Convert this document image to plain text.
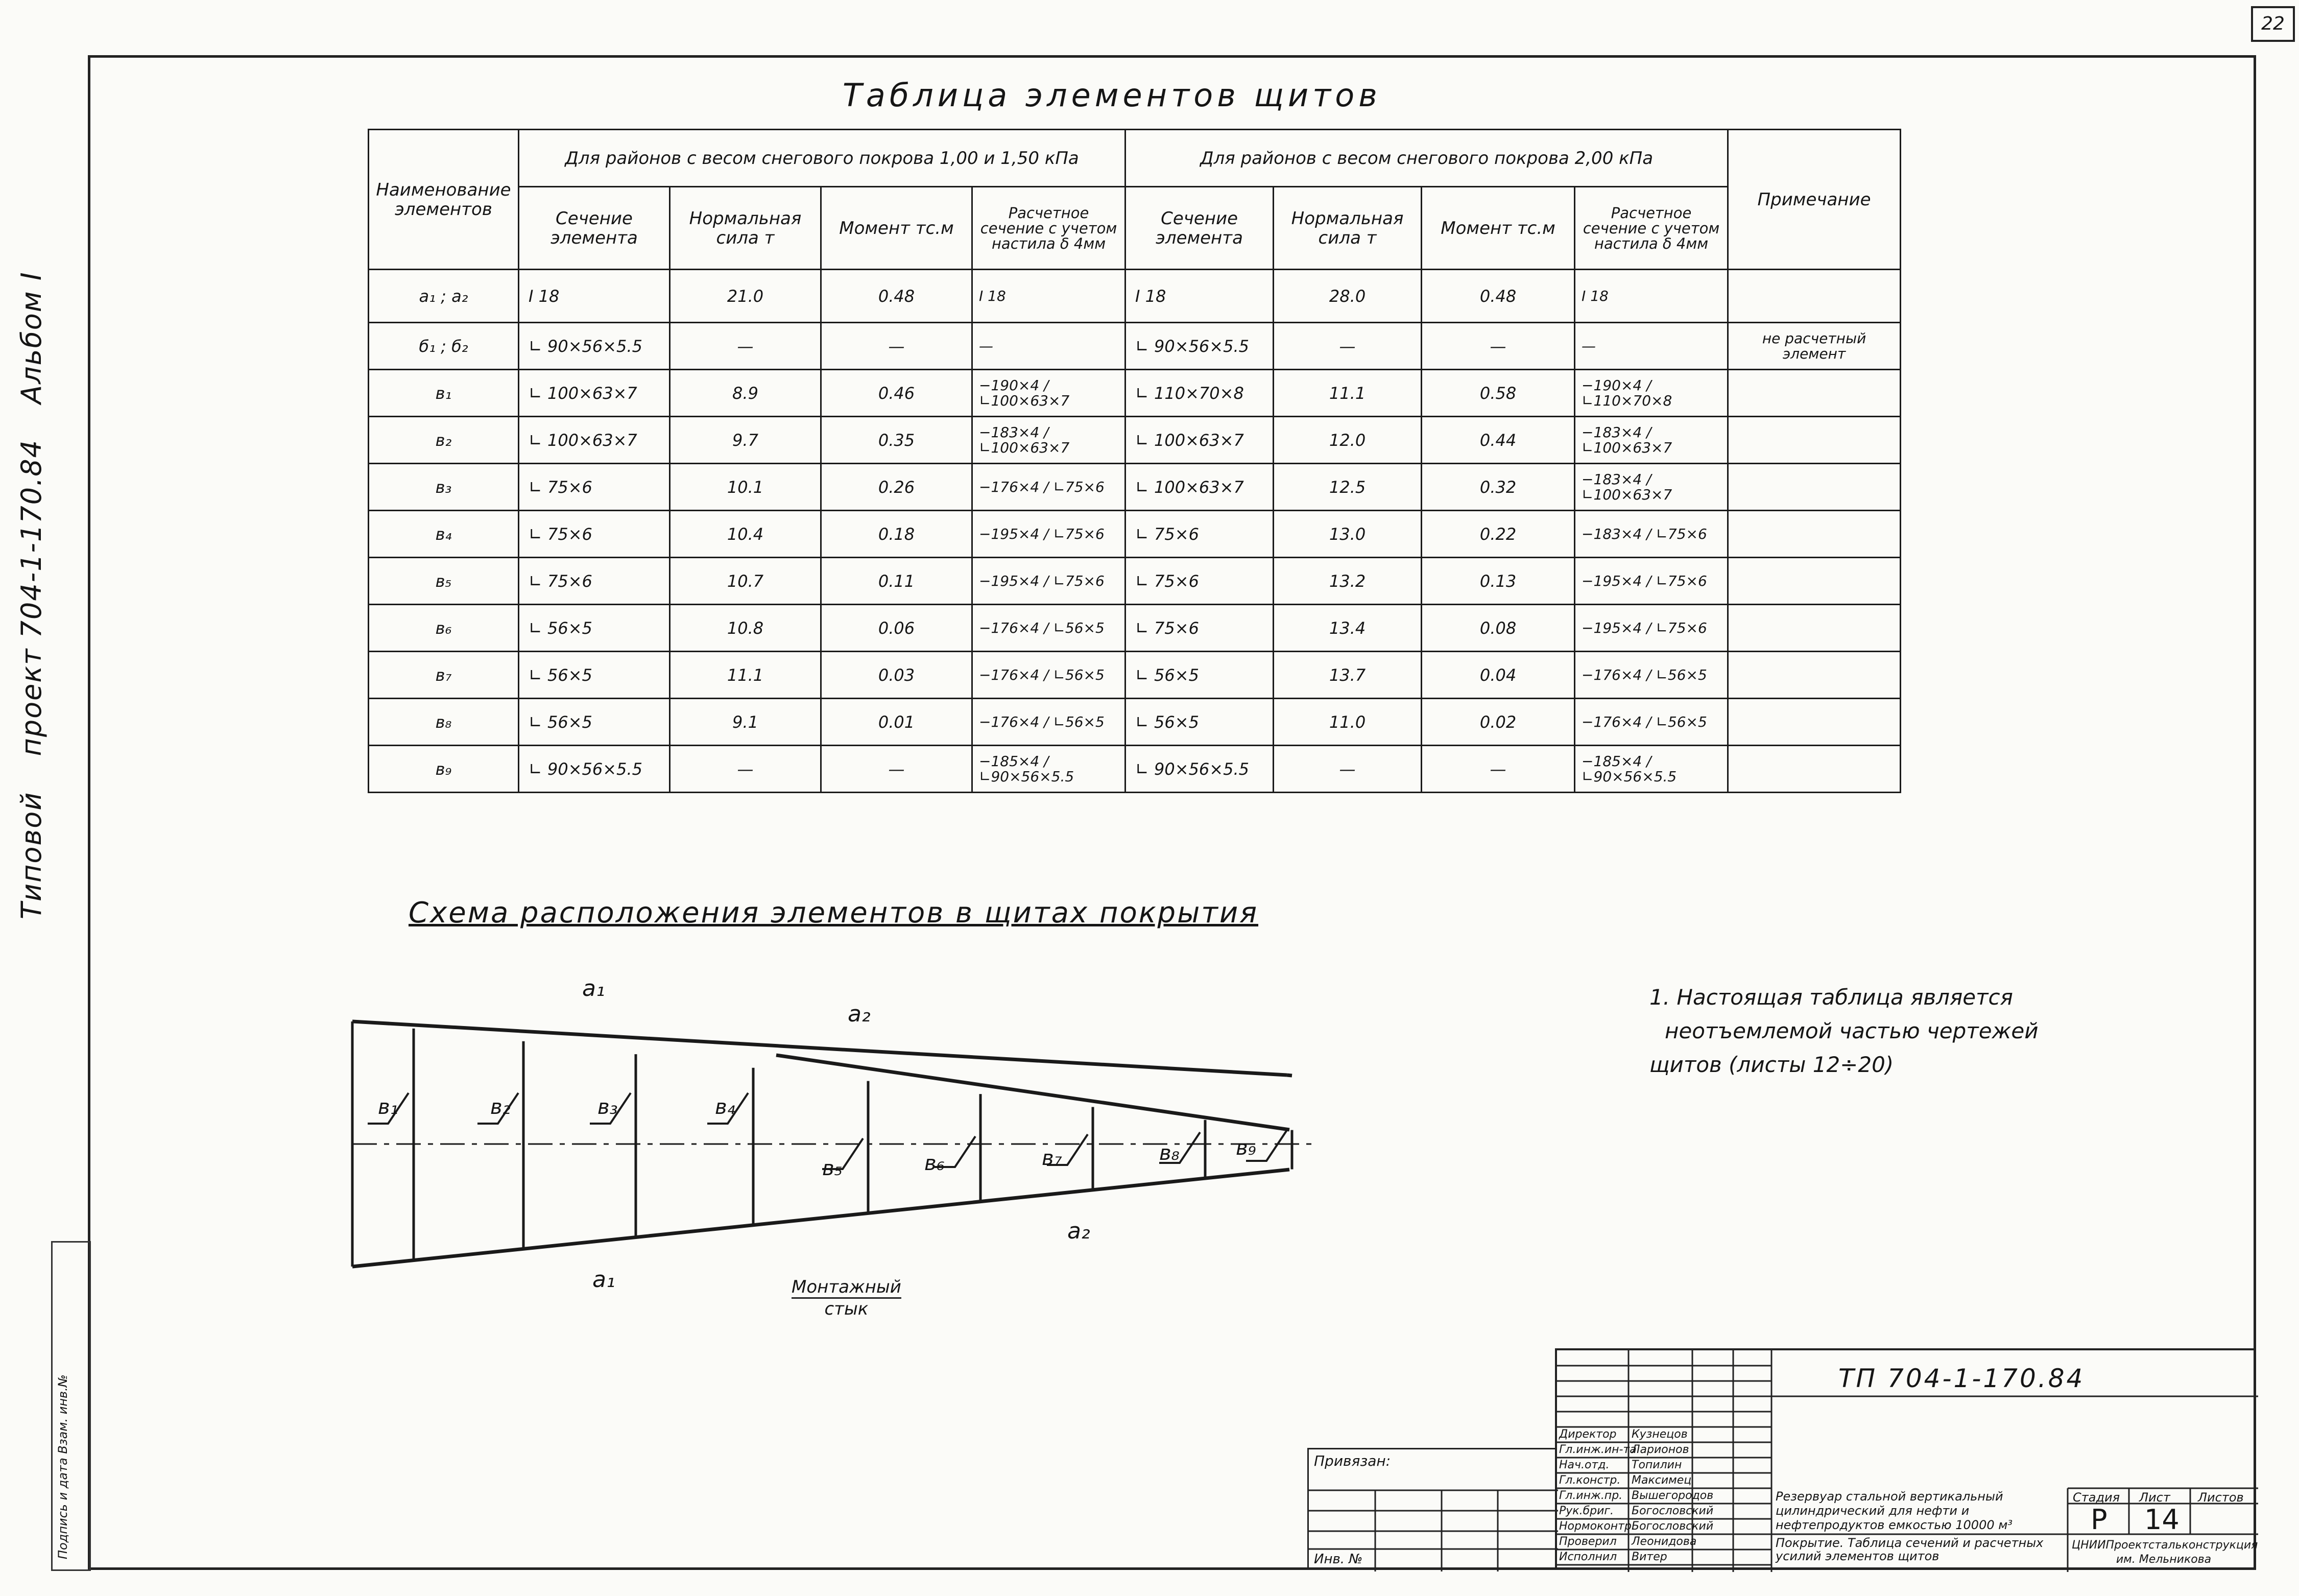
22
Типовой проект 704-1-170.84 Альбом I
Подпись и дата Взам. инв.№
Таблица элементов щитов
Наименование элементов	Для районов с весом снегового покрова 1,00 и 1,50 кПа				Для районов с весом снегового покрова 2,00 кПа				Примечание
	Сечение элемента	Нормальная сила т	Момент тс.м	Расчетное сечение с учетом настила δ 4мм	Сечение элемента	Нормальная сила т	Момент тс.м	Расчетное сечение с учетом настила δ 4мм	
а₁ ; а₂	I 18	21.0	0.48	I 18	I 18	28.0	0.48	I 18	
б₁ ; б₂	∟ 90×56×5.5	—	—	—	∟ 90×56×5.5	—	—	—	не расчетный элемент
в₁	∟ 100×63×7	8.9	0.46	−190×4 / ∟100×63×7	∟ 110×70×8	11.1	0.58	−190×4 / ∟110×70×8	
в₂	∟ 100×63×7	9.7	0.35	−183×4 / ∟100×63×7	∟ 100×63×7	12.0	0.44	−183×4 / ∟100×63×7	
в₃	∟ 75×6	10.1	0.26	−176×4 / ∟75×6	∟ 100×63×7	12.5	0.32	−183×4 / ∟100×63×7	
в₄	∟ 75×6	10.4	0.18	−195×4 / ∟75×6	∟ 75×6	13.0	0.22	−183×4 / ∟75×6	
в₅	∟ 75×6	10.7	0.11	−195×4 / ∟75×6	∟ 75×6	13.2	0.13	−195×4 / ∟75×6	
в₆	∟ 56×5	10.8	0.06	−176×4 / ∟56×5	∟ 75×6	13.4	0.08	−195×4 / ∟75×6	
в₇	∟ 56×5	11.1	0.03	−176×4 / ∟56×5	∟ 56×5	13.7	0.04	−176×4 / ∟56×5	
в₈	∟ 56×5	9.1	0.01	−176×4 / ∟56×5	∟ 56×5	11.0	0.02	−176×4 / ∟56×5	
в₉	∟ 90×56×5.5	—	—	−185×4 / ∟90×56×5.5	∟ 90×56×5.5	—	—	−185×4 / ∟90×56×5.5	
Схема расположения элементов в щитах покрытия
а₁
а₂
а₁
а₂
в₁	в₂	в₃	в₄
в₅	в₆	в₇	в₈	в₉
Монтажный
стык
1. Настоящая таблица является
неотъемлемой частью чертежей
щитов (листы 12÷20)
Привязан:
Инв. №
Директор Кузнецов
Гл.инж.ин-та
Ларионов
Нач.отд. Топилин
Гл.констр. Максимец
Гл.инж.пр. Вышегородов
Рук.бриг. Богословский
Нормоконтр.
Богословский
Проверил Леонидова
Исполнил Витер
Резервуар стальной вертикальный цилиндрический для нефти и нефтепродуктов емкостью 10000 м³
Покрытие. Таблица сечений и расчетных усилий элементов щитов
Стадия Лист Листов
Р 14
ЦНИИПроектстальконструкция им. Мельникова
ТП 704-1-170.84
